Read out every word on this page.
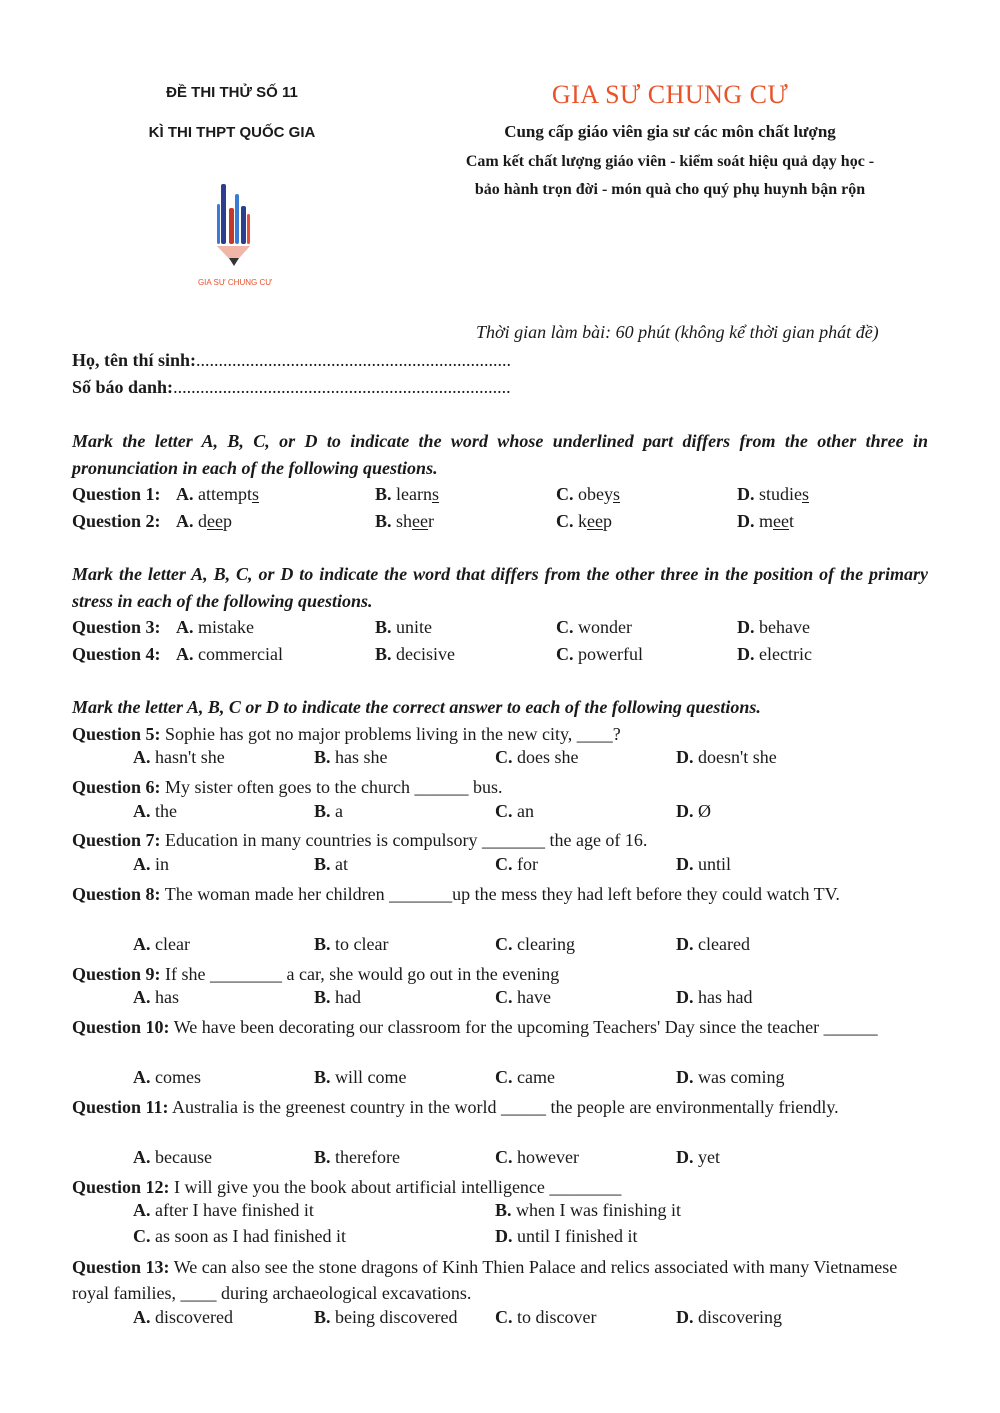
ĐỀ THI THỬ SỐ 11
KÌ THI THPT QUỐC GIA
GIA SƯ CHUNG CƯ
GIA SƯ CHUNG CƯ
Cung cấp giáo viên gia sư các môn chất lượng
Cam kết chất lượng giáo viên - kiểm soát hiệu quả dạy học -
bảo hành trọn đời - món quà cho quý phụ huynh bận rộn
Thời gian làm bài: 60 phút (không kể thời gian phát đề)
Họ, tên thí sinh:......................................................................
Số báo danh:...........................................................................
Mark the letter A, B, C, or D to indicate the word whose underlined part differs from the other three in pronunciation in each of the following questions.
Question 1: A. attempts	B. learns	C. obeys	D. studies
Question 2: A. deep	B. sheer	C. keep	D. meet
Mark the letter A, B, C, or D to indicate the word that differs from the other three in the position of the primary stress in each of the following questions.
Question 3: A. mistake	B. unite	C. wonder	D. behave
Question 4: A. commercial	B. decisive	C. powerful	D. electric
Mark the letter A, B, C or D to indicate the correct answer to each of the following questions.
Question 5: Sophie has got no major problems living in the new city, ____?
A. hasn't she	B. has she	C. does she	D. doesn't she
Question 6: My sister often goes to the church ______ bus.
A. the	B. a	C. an	D. Ø
Question 7: Education in many countries is compulsory _______ the age of 16.
A. in	B. at	C. for	D. until
Question 8: The woman made her children _______up the mess they had left before they could watch TV.
A. clear	B. to clear	C. clearing	D. cleared
Question 9: If she ________ a car, she would go out in the evening
A. has	B. had	C. have	D. has had
Question 10: We have been decorating our classroom for the upcoming Teachers' Day since the teacher ______
A. comes	B. will come	C. came	D. was coming
Question 11: Australia is the greenest country in the world _____ the people are environmentally friendly.
A. because	B. therefore	C. however	D. yet
Question 12: I will give you the book about artificial intelligence ________
A. after I have finished it	B. when I was finishing it
C. as soon as I had finished it	D. until I finished it
Question 13: We can also see the stone dragons of Kinh Thien Palace and relics associated with many Vietnamese royal families, ____ during archaeological excavations.
A. discovered	B. being discovered C. to discover	D. discovering
